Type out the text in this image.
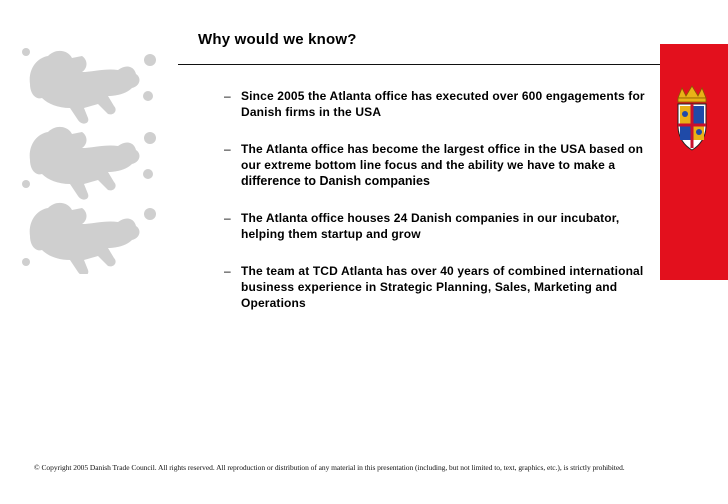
Why would we know?
– Since 2005 the Atlanta office has executed over 600 engagements for Danish firms in the USA
– The Atlanta office has become the largest office in the USA based on our extreme bottom line focus and the ability we have to make a difference to Danish companies
– The Atlanta office houses 24 Danish companies in our incubator, helping them startup and grow
– The team at TCD Atlanta has over 40 years of combined international business experience in Strategic Planning, Sales, Marketing and Operations
© Copyright 2005 Danish Trade Council. All rights reserved. All reproduction or distribution of any material in this presentation (including, but not limited to, text, graphics, etc.), is strictly prohibited.
